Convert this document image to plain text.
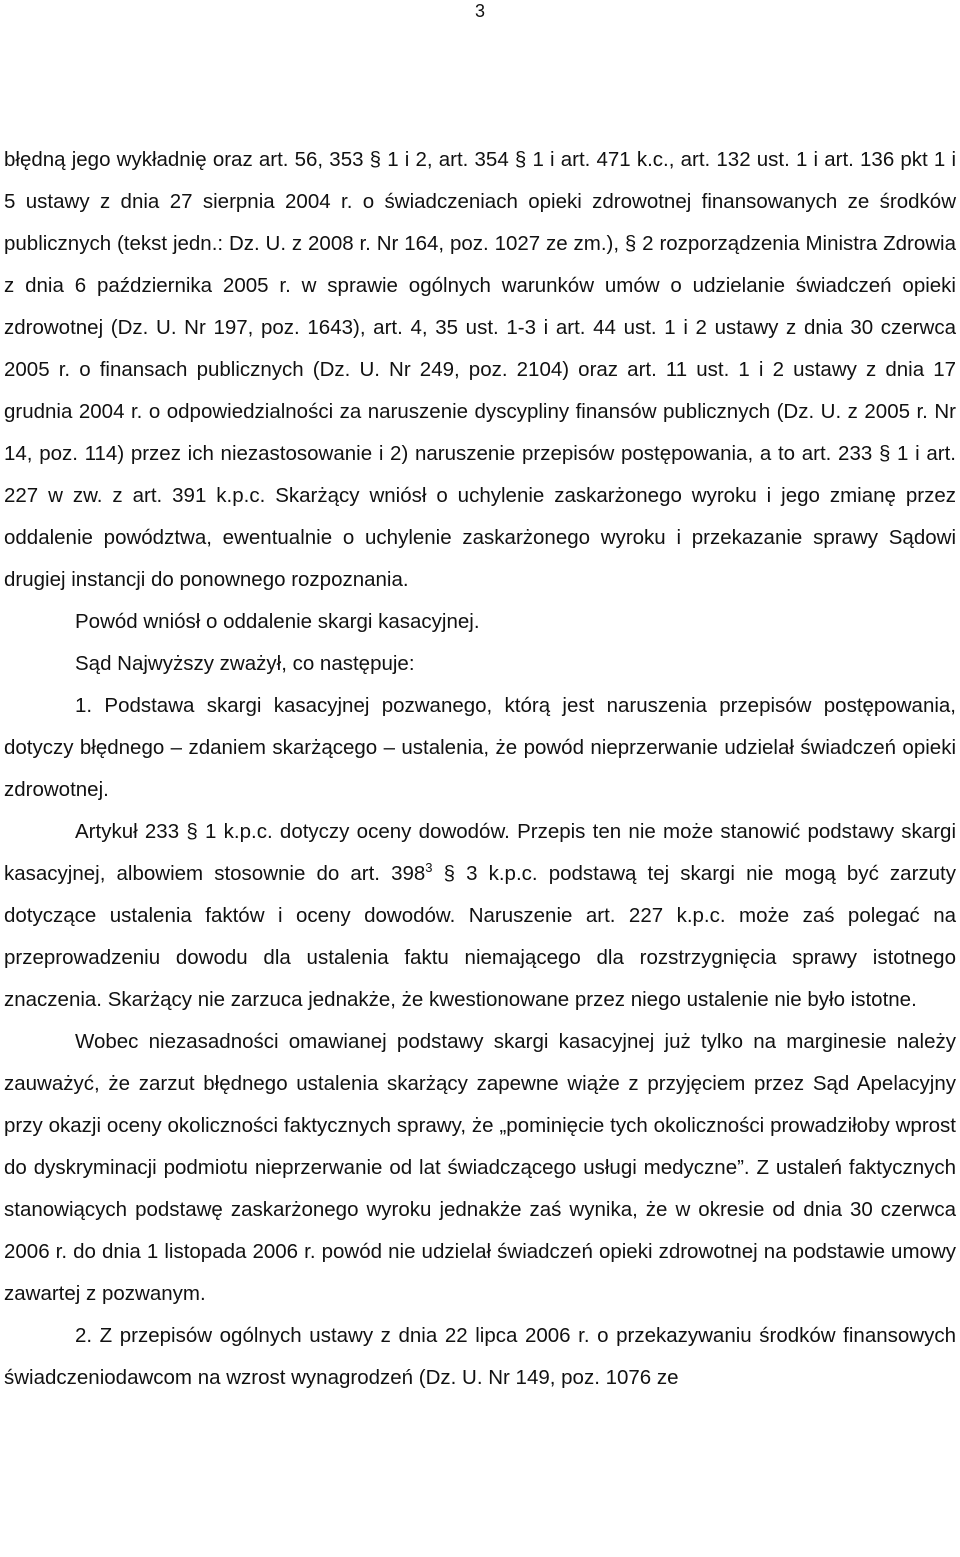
3

błędną jego wykładnię oraz art. 56, 353 § 1 i 2, art. 354 § 1 i art. 471 k.c., art. 132 ust. 1 i art. 136 pkt 1 i 5 ustawy z dnia 27 sierpnia 2004 r. o świadczeniach opieki zdrowotnej finansowanych ze środków publicznych (tekst jedn.: Dz. U. z 2008 r. Nr 164, poz. 1027 ze zm.), § 2 rozporządzenia Ministra Zdrowia z dnia 6 października 2005 r. w sprawie ogólnych warunków umów o udzielanie świadczeń opieki zdrowotnej (Dz. U. Nr 197, poz. 1643), art. 4, 35 ust. 1-3 i art. 44 ust. 1 i 2 ustawy z dnia 30 czerwca 2005 r. o finansach publicznych (Dz. U. Nr 249, poz. 2104) oraz art. 11 ust. 1 i 2 ustawy z dnia 17 grudnia 2004 r. o odpowiedzialności za naruszenie dyscypliny finansów publicznych (Dz. U. z 2005 r. Nr 14, poz. 114) przez ich niezastosowanie i 2) naruszenie przepisów postępowania, a to art. 233 § 1 i art. 227 w zw. z art. 391 k.p.c. Skarżący wniósł o uchylenie zaskarżonego wyroku i jego zmianę przez oddalenie powództwa, ewentualnie o uchylenie zaskarżonego wyroku i przekazanie sprawy Sądowi drugiej instancji do ponownego rozpoznania.

Powód wniósł o oddalenie skargi kasacyjnej.

Sąd Najwyższy zważył, co następuje:

1. Podstawa skargi kasacyjnej pozwanego, którą jest naruszenia przepisów postępowania, dotyczy błędnego – zdaniem skarżącego – ustalenia, że powód nieprzerwanie udzielał świadczeń opieki zdrowotnej.

Artykuł 233 § 1 k.p.c. dotyczy oceny dowodów. Przepis ten nie może stanowić podstawy skargi kasacyjnej, albowiem stosownie do art. $398^3$ § 3 k.p.c. podstawą tej skargi nie mogą być zarzuty dotyczące ustalenia faktów i oceny dowodów. Naruszenie art. 227 k.p.c. może zaś polegać na przeprowadzeniu dowodu dla ustalenia faktu niemającego dla rozstrzygnięcia sprawy istotnego znaczenia. Skarżący nie zarzuca jednakże, że kwestionowane przez niego ustalenie nie było istotne.

Wobec niezasadności omawianej podstawy skargi kasacyjnej już tylko na marginesie należy zauważyć, że zarzut błędnego ustalenia skarżący zapewne wiąże z przyjęciem przez Sąd Apelacyjny przy okazji oceny okoliczności faktycznych sprawy, że „pominięcie tych okoliczności prowadziłoby wprost do dyskryminacji podmiotu nieprzerwanie od lat świadczącego usługi medyczne”. Z ustaleń faktycznych stanowiących podstawę zaskarżonego wyroku jednakże zaś wynika, że w okresie od dnia 30 czerwca 2006 r. do dnia 1 listopada 2006 r. powód nie udzielał świadczeń opieki zdrowotnej na podstawie umowy zawartej z pozwanym.

2. Z przepisów ogólnych ustawy z dnia 22 lipca 2006 r. o przekazywaniu środków finansowych świadczeniodawcom na wzrost wynagrodzeń (Dz. U. Nr 149, poz. 1076 ze
